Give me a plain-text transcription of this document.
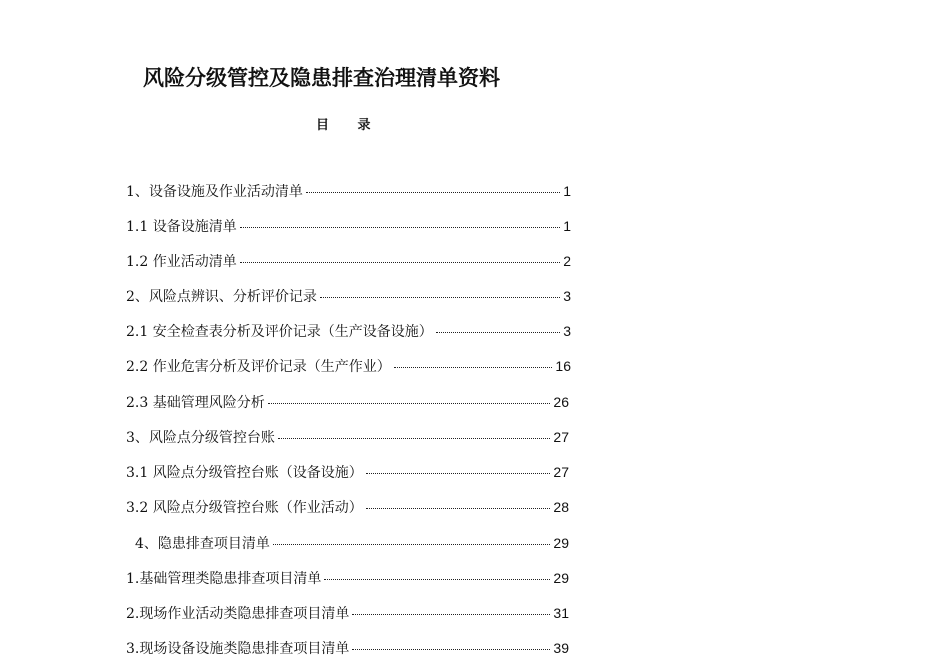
风险分级管控及隐患排查治理清单资料
目 录
1、设备设施及作业活动清单	1
1.1 设备设施清单	1
1.2 作业活动清单	2
2、风险点辨识、分析评价记录	3
2.1 安全检查表分析及评价记录（生产设备设施）	3
2.2 作业危害分析及评价记录（生产作业）	16
2.3 基础管理风险分析	26
3、风险点分级管控台账	27
3.1 风险点分级管控台账（设备设施）	27
3.2 风险点分级管控台账（作业活动）	28
4、隐患排查项目清单	29
1.基础管理类隐患排查项目清单	29
2.现场作业活动类隐患排查项目清单	31
3.现场设备设施类隐患排查项目清单	39
